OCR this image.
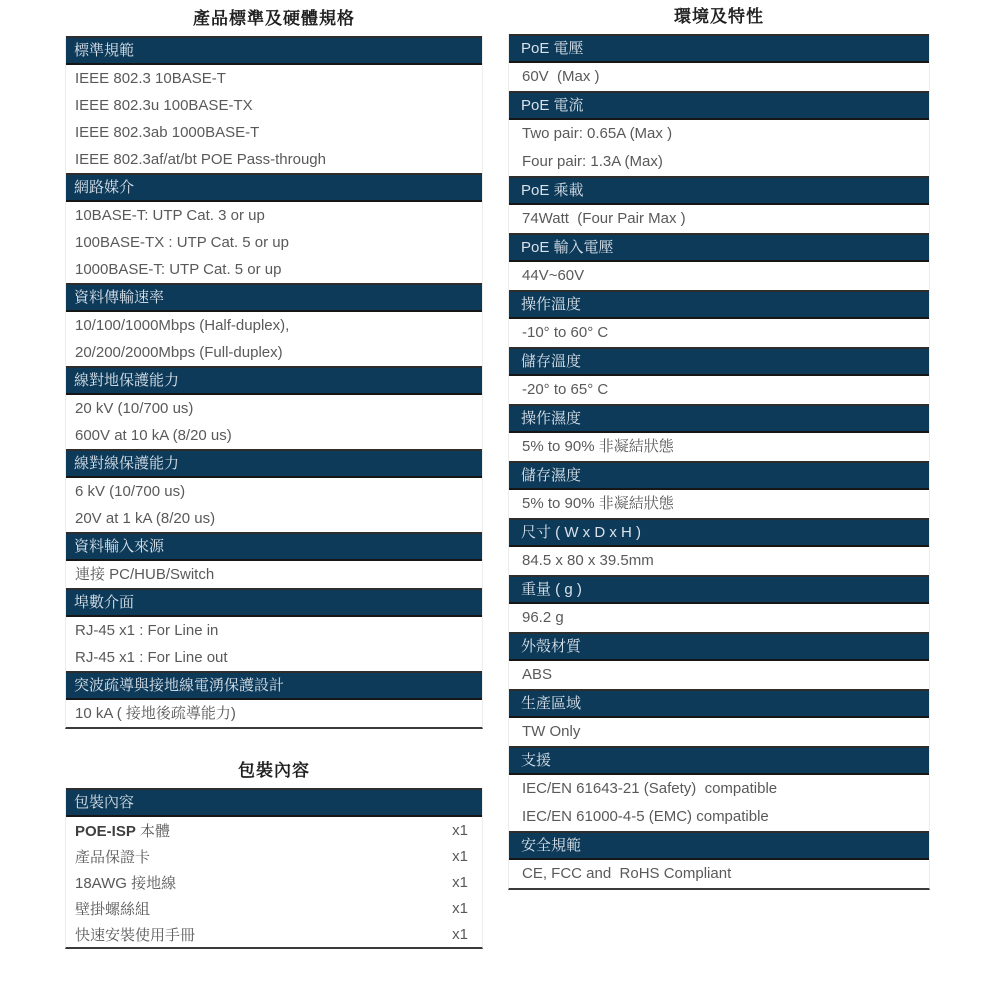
產品標準及硬體規格
標準規範
IEEE 802.3 10BASE-T
IEEE 802.3u 100BASE-TX
IEEE 802.3ab 1000BASE-T
IEEE 802.3af/at/bt POE Pass-through
網路媒介
10BASE-T: UTP Cat. 3 or up
100BASE-TX : UTP Cat. 5 or up
1000BASE-T: UTP Cat. 5 or up
資料傳輸速率
10/100/1000Mbps (Half-duplex),
20/200/2000Mbps (Full-duplex)
線對地保護能力
20 kV (10/700 us)
600V at 10 kA (8/20 us)
線對線保護能力
6 kV (10/700 us)
20V at 1 kA (8/20 us)
資料輸入來源
連接 PC/HUB/Switch
埠數介面
RJ-45 x1 : For Line in
RJ-45 x1 : For Line out
突波疏導與接地線電湧保護設計
10 kA ( 接地後疏導能力)
包裝內容
包裝內容
POE-ISP 本體	x1
產品保證卡	x1
18AWG 接地線	x1
壁掛螺絲組	x1
快速安裝使用手冊	x1
環境及特性
PoE 電壓
60V  (Max )
PoE 電流
Two pair: 0.65A (Max )
Four pair: 1.3A (Max)
PoE 乘載
74Watt  (Four Pair Max )
PoE 輸入電壓
44V~60V
操作溫度
-10° to 60° C
儲存溫度
-20° to 65° C
操作濕度
5% to 90% 非凝結狀態
儲存濕度
5% to 90% 非凝結狀態
尺寸 ( W x D x H )
84.5 x 80 x 39.5mm
重量 ( g )
96.2 g
外殼材質
ABS
生產區域
TW Only
支援
IEC/EN 61643-21 (Safety)  compatible
IEC/EN 61000-4-5 (EMC) compatible
安全規範
CE, FCC and  RoHS Compliant
